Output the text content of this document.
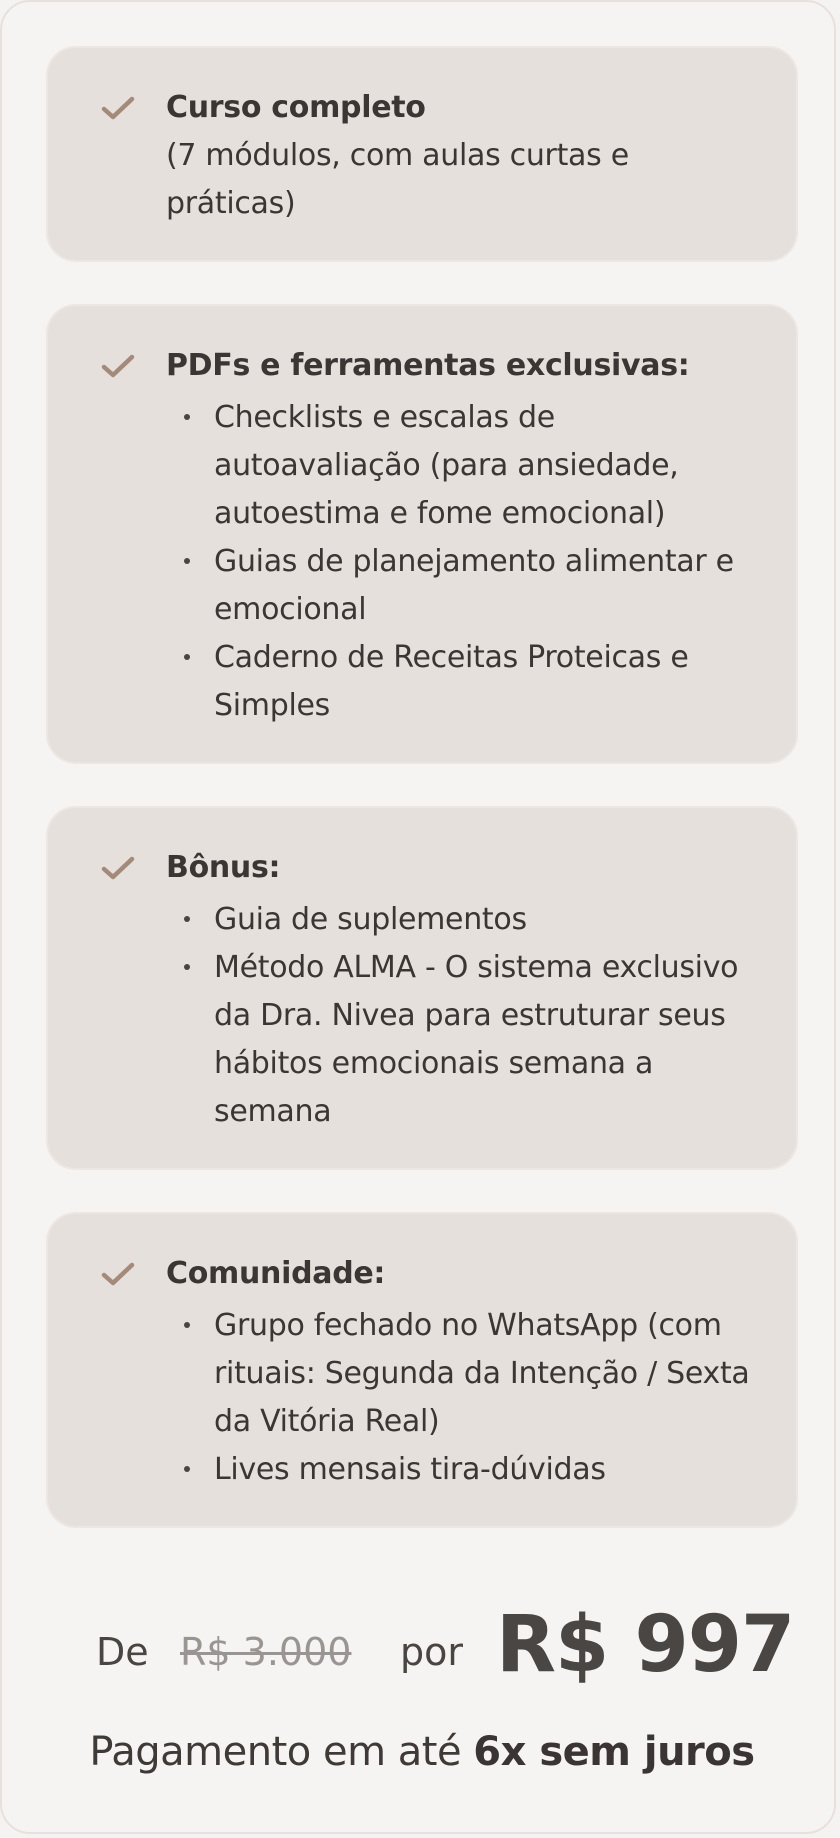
Curso completo
(7 módulos, com aulas curtas e práticas)
PDFs e ferramentas exclusivas:
Checklists e escalas de autoavaliação (para ansiedade, autoestima e fome emocional)
Guias de planejamento alimentar e emocional
Caderno de Receitas Proteicas e Simples
Bônus:
Guia de suplementos
Método ALMA - O sistema exclusivo da Dra. Nivea para estruturar seus hábitos emocionais semana a semana
Comunidade:
Grupo fechado no WhatsApp (com rituais: Segunda da Intenção / Sexta da Vitória Real)
Lives mensais tira-dúvidas
De R$ 3.000 por R$ 997
Pagamento em até 6x sem juros
